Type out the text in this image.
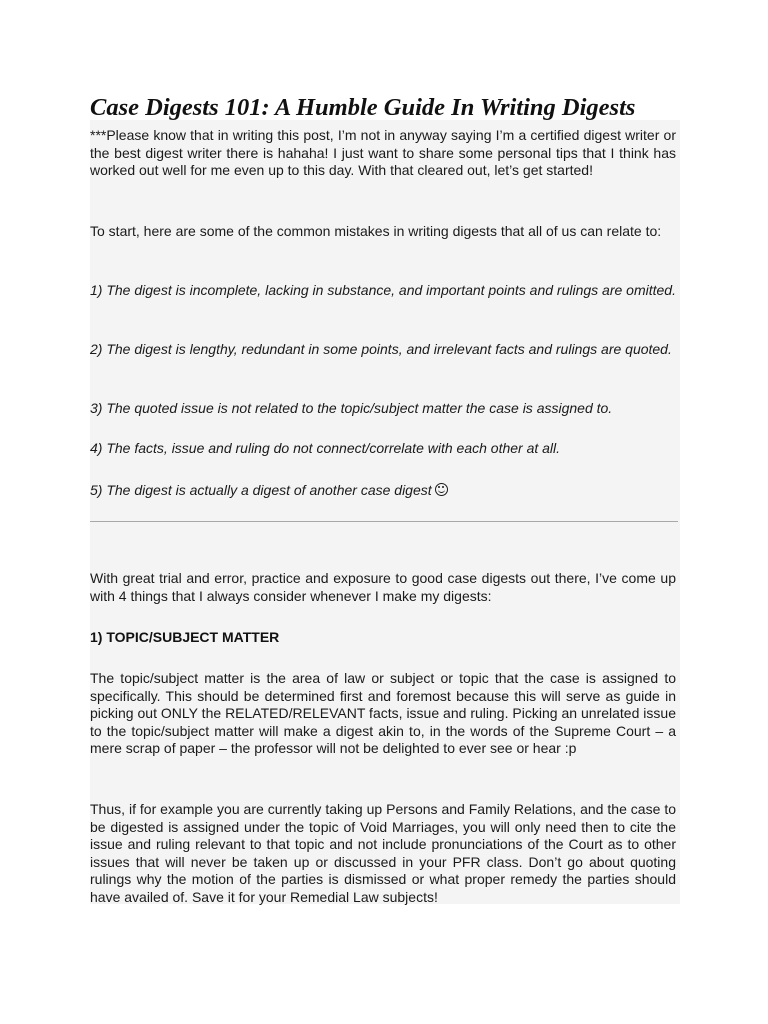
Case Digests 101: A Humble Guide In Writing Digests

***Please know that in writing this post, I’m not in anyway saying I’m a certified digest writer or the best digest writer there is hahaha! I just want to share some personal tips that I think has worked out well for me even up to this day. With that cleared out, let’s get started!

To start, here are some of the common mistakes in writing digests that all of us can relate to:

1) The digest is incomplete, lacking in substance, and important points and rulings are omitted.

2) The digest is lengthy, redundant in some points, and irrelevant facts and rulings are quoted.

3) The quoted issue is not related to the topic/subject matter the case is assigned to.

4) The facts, issue and ruling do not connect/correlate with each other at all.

5) The digest is actually a digest of another case digest

With great trial and error, practice and exposure to good case digests out there, I’ve come up with 4 things that I always consider whenever I make my digests:

1) TOPIC/SUBJECT MATTER

The topic/subject matter is the area of law or subject or topic that the case is assigned to specifically. This should be determined first and foremost because this will serve as guide in picking out ONLY the RELATED/RELEVANT facts, issue and ruling. Picking an unrelated issue to the topic/subject matter will make a digest akin to, in the words of the Supreme Court – a mere scrap of paper – the professor will not be delighted to ever see or hear :p

Thus, if for example you are currently taking up Persons and Family Relations, and the case to be digested is assigned under the topic of Void Marriages, you will only need then to cite the issue and ruling relevant to that topic and not include pronunciations of the Court as to other issues that will never be taken up or discussed in your PFR class. Don’t go about quoting rulings why the motion of the parties is dismissed or what proper remedy the parties should have availed of. Save it for your Remedial Law subjects!
